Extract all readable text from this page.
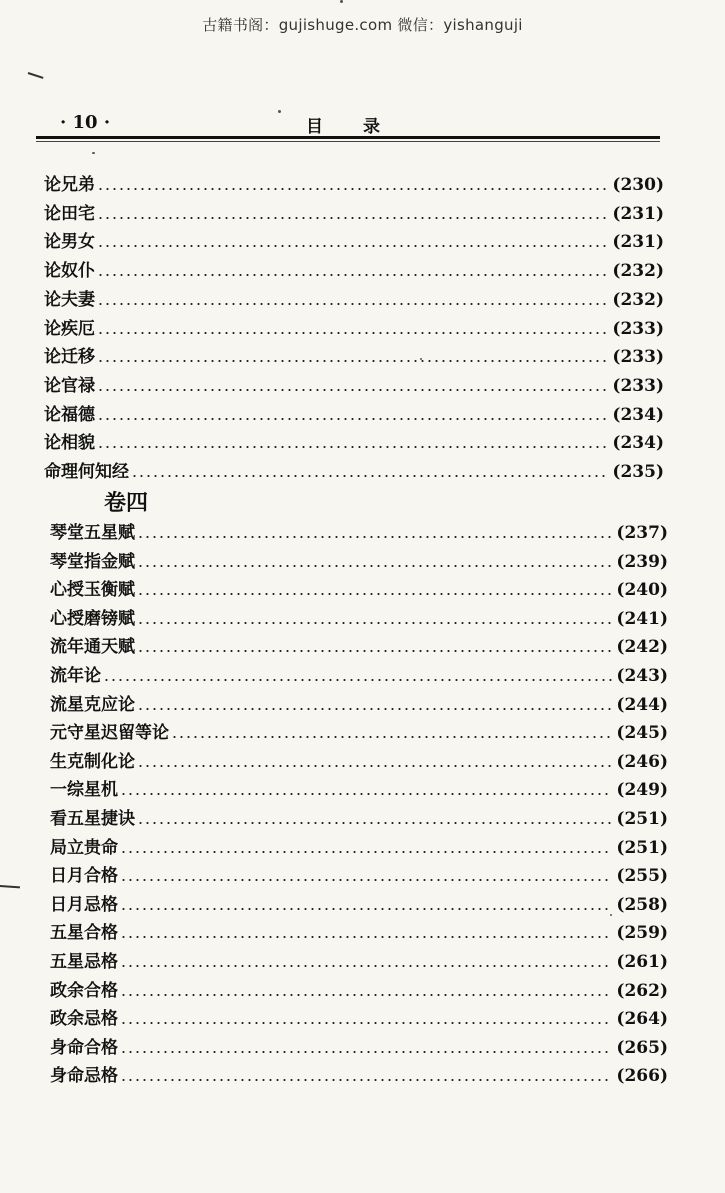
古籍书阁：gujishuge.com 微信：yishanguji
· 10 ·	目录
卷四
论兄弟	(230)
论田宅	(231)
论男女	(231)
论奴仆	(232)
论夫妻	(232)
论疾厄	(233)
论迁移	(233)
论官禄	(233)
论福德	(234)
论相貌	(234)
命理何知经	(235)
琴堂五星赋	(237)
琴堂指金赋	(239)
心授玉衡赋	(240)
心授磨镑赋	(241)
流年通天赋	(242)
流年论	(243)
流星克应论	(244)
元守星迟留等论	(245)
生克制化论	(246)
一综星机	(249)
看五星捷诀	(251)
局立贵命	(251)
日月合格	(255)
日月忌格	(258)
五星合格	(259)
五星忌格	(261)
政余合格	(262)
政余忌格	(264)
身命合格	(265)
身命忌格	(266)
